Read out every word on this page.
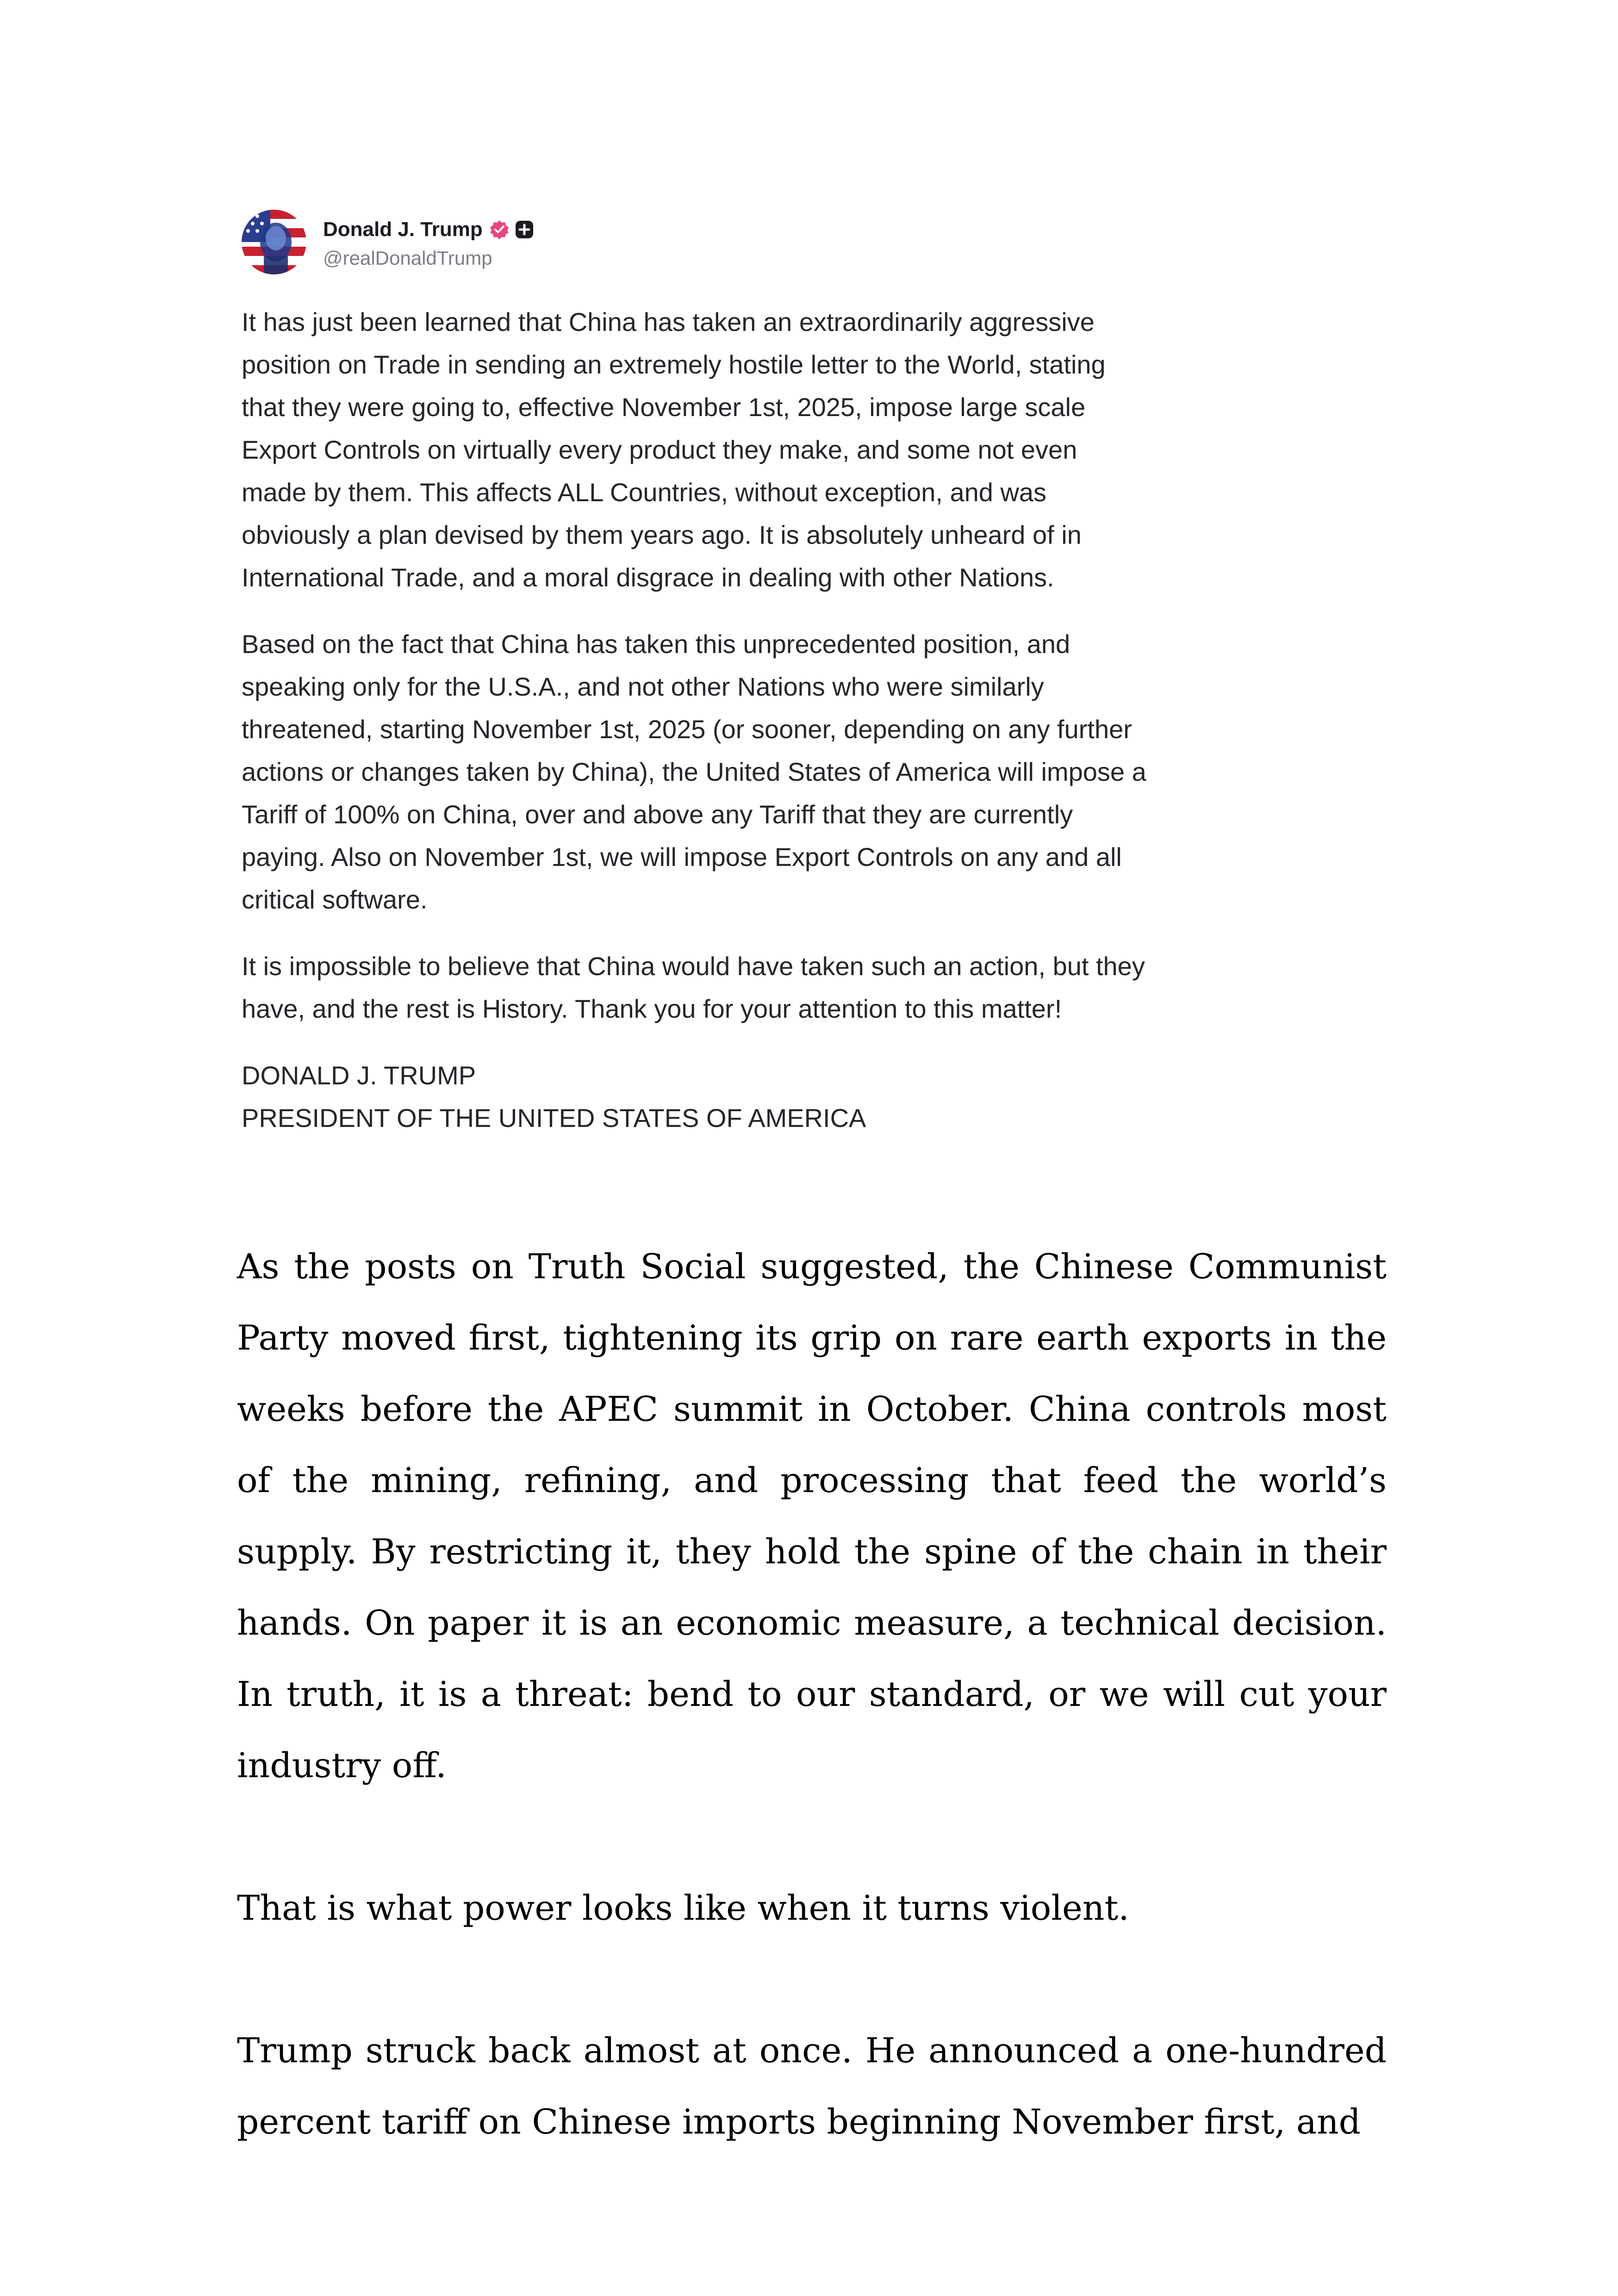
Donald J. Trump
@realDonaldTrump

It has just been learned that China has taken an extraordinarily aggressive
position on Trade in sending an extremely hostile letter to the World, stating
that they were going to, effective November 1st, 2025, impose large scale
Export Controls on virtually every product they make, and some not even
made by them. This affects ALL Countries, without exception, and was
obviously a plan devised by them years ago. It is absolutely unheard of in
International Trade, and a moral disgrace in dealing with other Nations.

Based on the fact that China has taken this unprecedented position, and
speaking only for the U.S.A., and not other Nations who were similarly
threatened, starting November 1st, 2025 (or sooner, depending on any further
actions or changes taken by China), the United States of America will impose a
Tariff of 100% on China, over and above any Tariff that they are currently
paying. Also on November 1st, we will impose Export Controls on any and all
critical software.

It is impossible to believe that China would have taken such an action, but they
have, and the rest is History. Thank you for your attention to this matter!

DONALD J. TRUMP

PRESIDENT OF THE UNITED STATES OF AMERICA

As the posts on Truth Social suggested, the Chinese Communist Party moved first, tightening its grip on rare earth exports in the weeks before the APEC summit in October. China controls most of the mining, refining, and processing that feed the world’s supply. By restricting it, they hold the spine of the chain in their hands. On paper it is an economic measure, a technical decision. In truth, it is a threat: bend to our standard, or we will cut your industry off.

That is what power looks like when it turns violent.

Trump struck back almost at once. He announced a one-hundred percent tariff on Chinese imports beginning November first, and
